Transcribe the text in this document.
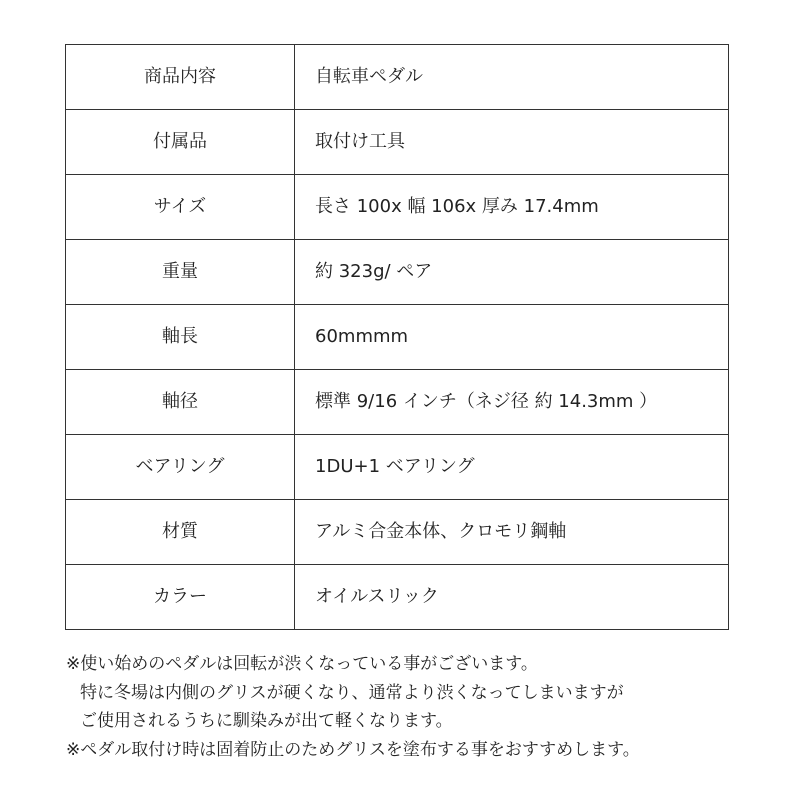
商品内容	自転車ペダル
付属品	取付け工具
サイズ	長さ 100x 幅 106x 厚み 17.4mm
重量	約 323g/ ペア
軸長	60mmmm
軸径	標準 9/16 インチ（ネジ径 約 14.3mm ）
ベアリング	1DU+1 ベアリング
材質	アルミ合金本体、クロモリ鋼軸
カラー	オイルスリック
※使い始めのペダルは回転が渋くなっている事がございます。
特に冬場は内側のグリスが硬くなり、通常より渋くなってしまいますが
ご使用されるうちに馴染みが出て軽くなります。
※ペダル取付け時は固着防止のためグリスを塗布する事をおすすめします。
